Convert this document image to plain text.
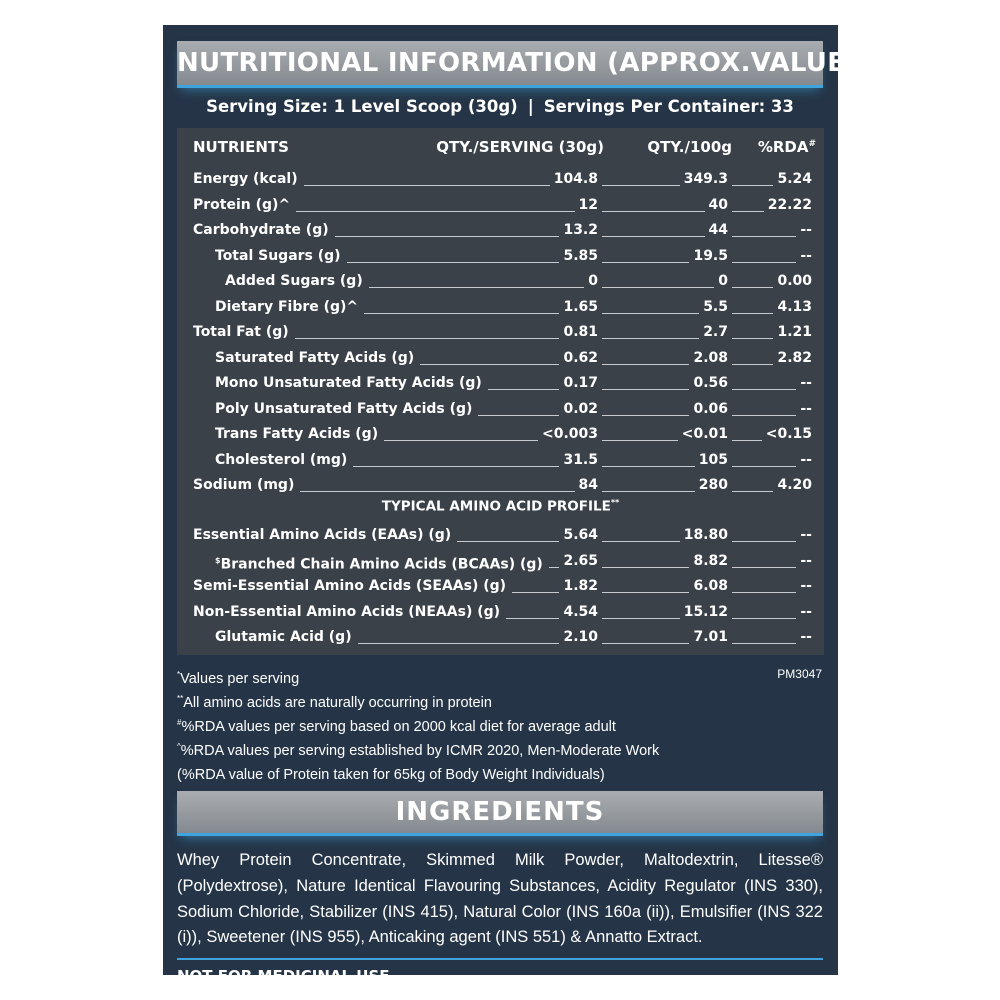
NUTRITIONAL INFORMATION (APPROX.VALUES):
Serving Size: 1 Level Scoop (30g) | Servings Per Container: 33
NUTRIENTS	QTY./SERVING (30g)	QTY./100g %RDA#
TYPICAL AMINO ACID PROFILE**
Energy (kcal)	104.8	349.3	5.24
Protein (g)^	12	40	22.22
Carbohydrate (g)	13.2	44	--
Total Sugars (g)	5.85	19.5	--
Added Sugars (g)	0	0	0.00
Dietary Fibre (g)^	1.65	5.5	4.13
Total Fat (g)	0.81	2.7	1.21
Saturated Fatty Acids (g)	0.62	2.08	2.82
Mono Unsaturated Fatty Acids (g)	0.17	0.56	--
Poly Unsaturated Fatty Acids (g)	0.02	0.06	--
Trans Fatty Acids (g)	<0.003	<0.01	<0.15
Cholesterol (mg)	31.5	105	--
Sodium (mg)	84	280	4.20
Essential Amino Acids (EAAs) (g)	5.64	18.80	--
$Branched Chain Amino Acids (BCAAs) (g)	2.65	8.82	--
Semi-Essential Amino Acids (SEAAs) (g)	1.82	6.08	--
Non-Essential Amino Acids (NEAAs) (g)	4.54	15.12	--
Glutamic Acid (g)	2.10	7.01	--
*Values per serving
**All amino acids are naturally occurring in protein
#%RDA values per serving based on 2000 kcal diet for average adult
^%RDA values per serving established by ICMR 2020, Men-Moderate Work
(%RDA value of Protein taken for 65kg of Body Weight Individuals)
PM3047
INGREDIENTS
Whey Protein Concentrate, Skimmed Milk Powder, Maltodextrin, Litesse® (Polydextrose), Nature Identical Flavouring Substances, Acidity Regulator (INS 330), Sodium Chloride, Stabilizer (INS 415), Natural Color (INS 160a (ii)), Emulsifier (INS 322 (i)), Sweetener (INS 955), Anticaking agent (INS 551) & Annatto Extract.
NOT FOR MEDICINAL USE
